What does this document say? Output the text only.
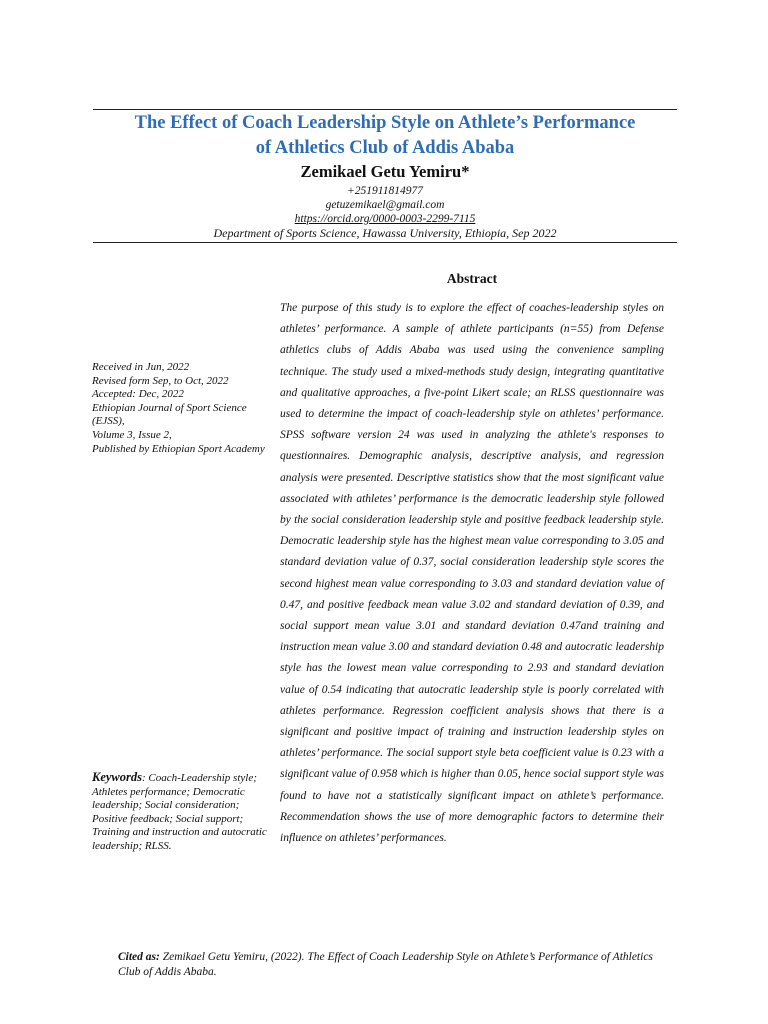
The Effect of Coach Leadership Style on Athlete’s Performance
of Athletics Club of Addis Ababa
Zemikael Getu Yemiru*
+251911814977
getuzemikael@gmail.com
https://orcid.org/0000-0003-2299-7115
Department of Sports Science, Hawassa University, Ethiopia, Sep 2022
Abstract

The purpose of this study is to explore the effect of coaches-leadership styles on athletes’ performance. A sample of athlete participants (n=55) from Defense athletics clubs of Addis Ababa was used using the convenience sampling technique. The study used a mixed-methods study design, integrating quantitative and qualitative approaches, a five-point Likert scale; an RLSS questionnaire was used to determine the impact of coach-leadership style on athletes’ performance. SPSS software version 24 was used in analyzing the athlete's responses to questionnaires. Demographic analysis, descriptive analysis, and regression analysis were presented. Descriptive statistics show that the most significant value associated with athletes’ performance is the democratic leadership style followed by the social consideration leadership style and positive feedback leadership style. Democratic leadership style has the highest mean value corresponding to 3.05 and standard deviation value of 0.37, social consideration leadership style scores the second highest mean value corresponding to 3.03 and standard deviation value of 0.47, and positive feedback mean value 3.02 and standard deviation of 0.39, and social support mean value 3.01 and standard deviation 0.47and training and instruction mean value 3.00 and standard deviation 0.48 and autocratic leadership style has the lowest mean value corresponding to 2.93 and standard deviation value of 0.54 indicating that autocratic leadership style is poorly correlated with athletes performance. Regression coefficient analysis shows that there is a significant and positive impact of training and instruction leadership styles on athletes’ performance. The social support style beta coefficient value is 0.23 with a significant value of 0.958 which is higher than 0.05, hence social support style was found to have not a statistically significant impact on athlete’s performance. Recommendation shows the use of more demographic factors to determine their influence on athletes’ performances.

Received in Jun, 2022
Revised form Sep, to Oct, 2022
Accepted: Dec, 2022
Ethiopian Journal of Sport Science (EJSS),
Volume 3, Issue 2,
Published by Ethiopian Sport Academy

Keywords: Coach-Leadership style; Athletes performance; Democratic leadership; Social consideration; Positive feedback; Social support; Training and instruction and autocratic leadership; RLSS.

Cited as: Zemikael Getu Yemiru, (2022). The Effect of Coach Leadership Style on Athlete’s Performance of Athletics Club of Addis Ababa.
